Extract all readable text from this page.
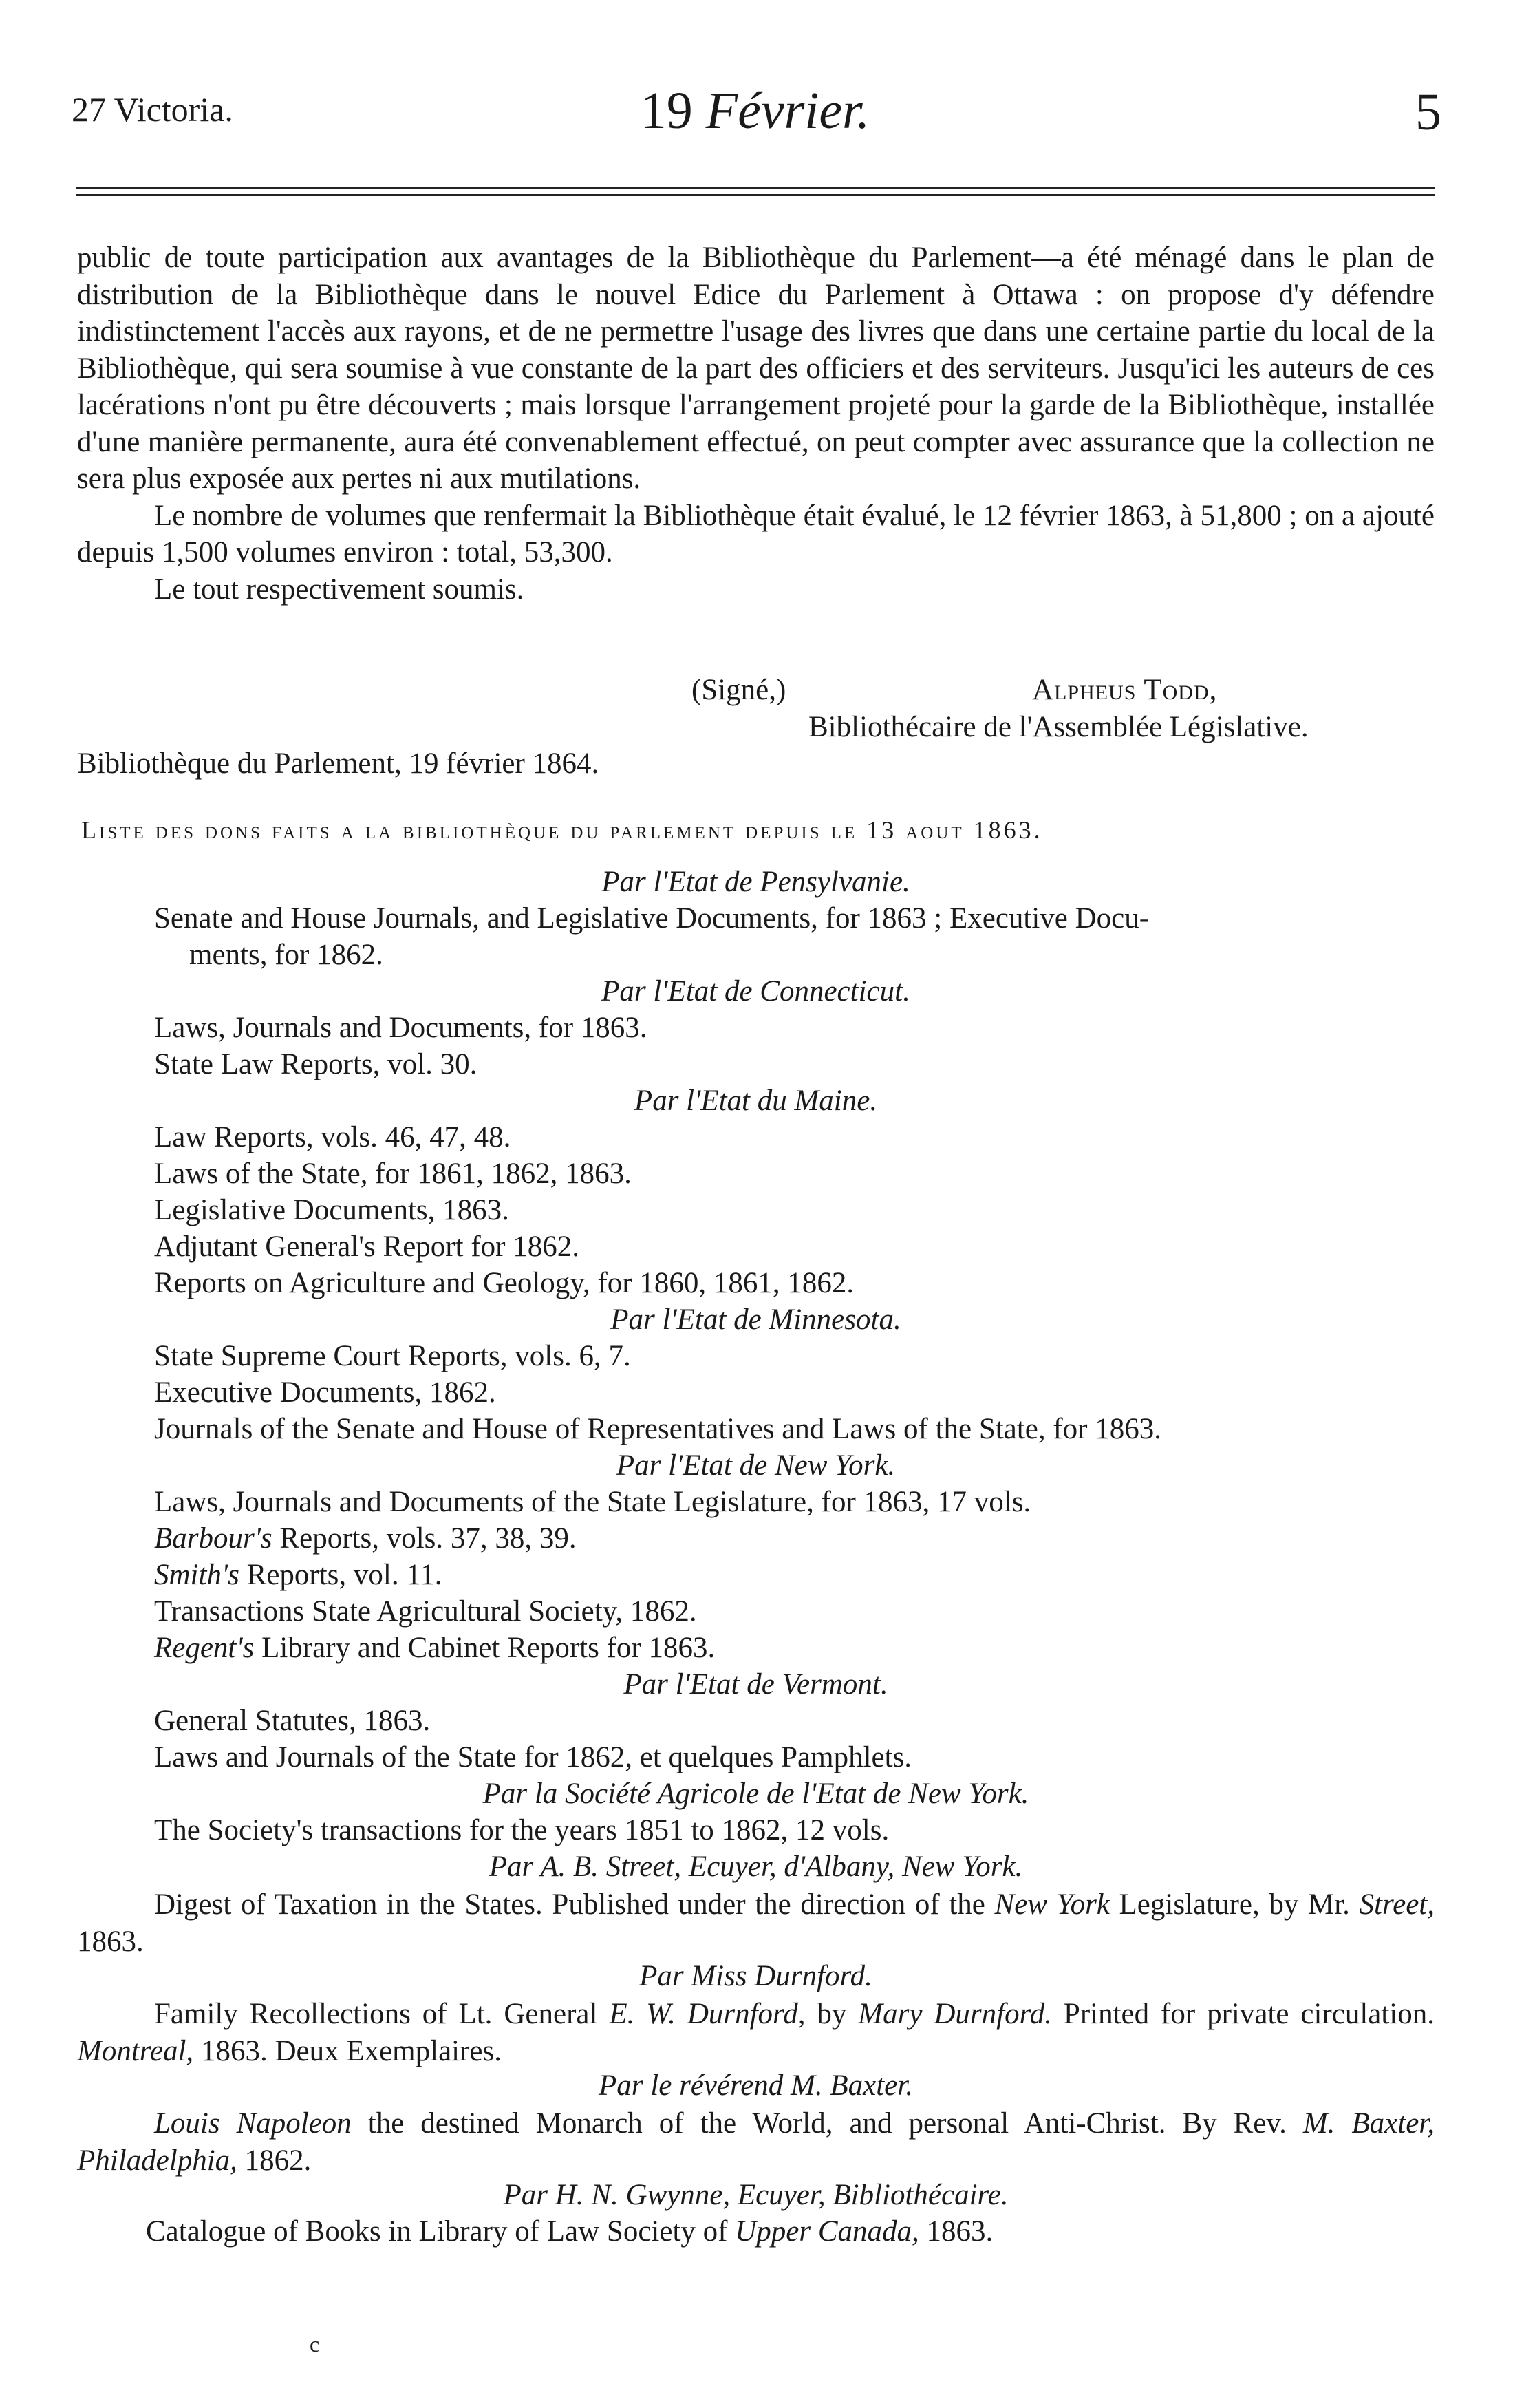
27 Victoria.	19 Février.	5

public de toute participation aux avantages de la Bibliothèque du Parlement—a été ménagé dans le plan de distribution de la Bibliothèque dans le nouvel Edice du Parlement à Ottawa : on propose d'y défendre indistinctement l'accès aux rayons, et de ne permettre l'usage des livres que dans une certaine partie du local de la Bibliothèque, qui sera soumise à vue constante de la part des officiers et des serviteurs. Jusqu'ici les auteurs de ces lacérations n'ont pu être découverts ; mais lorsque l'arrangement projeté pour la garde de la Bibliothèque, installée d'une manière permanente, aura été convenablement effectué, on peut compter avec assurance que la collection ne sera plus exposée aux pertes ni aux mutilations.

Le nombre de volumes que renfermait la Bibliothèque était évalué, le 12 février 1863, à 51,800 ; on a ajouté depuis 1,500 volumes environ : total, 53,300.

Le tout respectivement soumis.

(Signé,)	Alpheus Todd,
Bibliothécaire de l'Assemblée Législative.
Bibliothèque du Parlement, 19 février 1864.
Liste des dons faits a la bibliothèque du parlement depuis le 13 aout 1863.
Par l'Etat de Pensylvanie.
Senate and House Journals, and Legislative Documents, for 1863 ; Executive Docu-
ments, for 1862.
Par l'Etat de Connecticut.
Laws, Journals and Documents, for 1863.
State Law Reports, vol. 30.
Par l'Etat du Maine.
Law Reports, vols. 46, 47, 48.
Laws of the State, for 1861, 1862, 1863.
Legislative Documents, 1863.
Adjutant General's Report for 1862.
Reports on Agriculture and Geology, for 1860, 1861, 1862.
Par l'Etat de Minnesota.
State Supreme Court Reports, vols. 6, 7.
Executive Documents, 1862.
Journals of the Senate and House of Representatives and Laws of the State, for 1863.
Par l'Etat de New York.
Laws, Journals and Documents of the State Legislature, for 1863, 17 vols.
Barbour's Reports, vols. 37, 38, 39.
Smith's Reports, vol. 11.
Transactions State Agricultural Society, 1862.
Regent's Library and Cabinet Reports for 1863.
Par l'Etat de Vermont.
General Statutes, 1863.
Laws and Journals of the State for 1862, et quelques Pamphlets.
Par la Société Agricole de l'Etat de New York.
The Society's transactions for the years 1851 to 1862, 12 vols.
Par A. B. Street, Ecuyer, d'Albany, New York.

Digest of Taxation in the States. Published under the direction of the New York Legislature, by Mr. Street, 1863.

Par Miss Durnford.

Family Recollections of Lt. General E. W. Durnford, by Mary Durnford. Printed for private circulation. Montreal, 1863. Deux Exemplaires.

Par le révérend M. Baxter.

Louis Napoleon the destined Monarch of the World, and personal Anti-Christ. By Rev. M. Baxter, Philadelphia, 1862.

Par H. N. Gwynne, Ecuyer, Bibliothécaire.
Catalogue of Books in Library of Law Society of Upper Canada, 1863.
c
